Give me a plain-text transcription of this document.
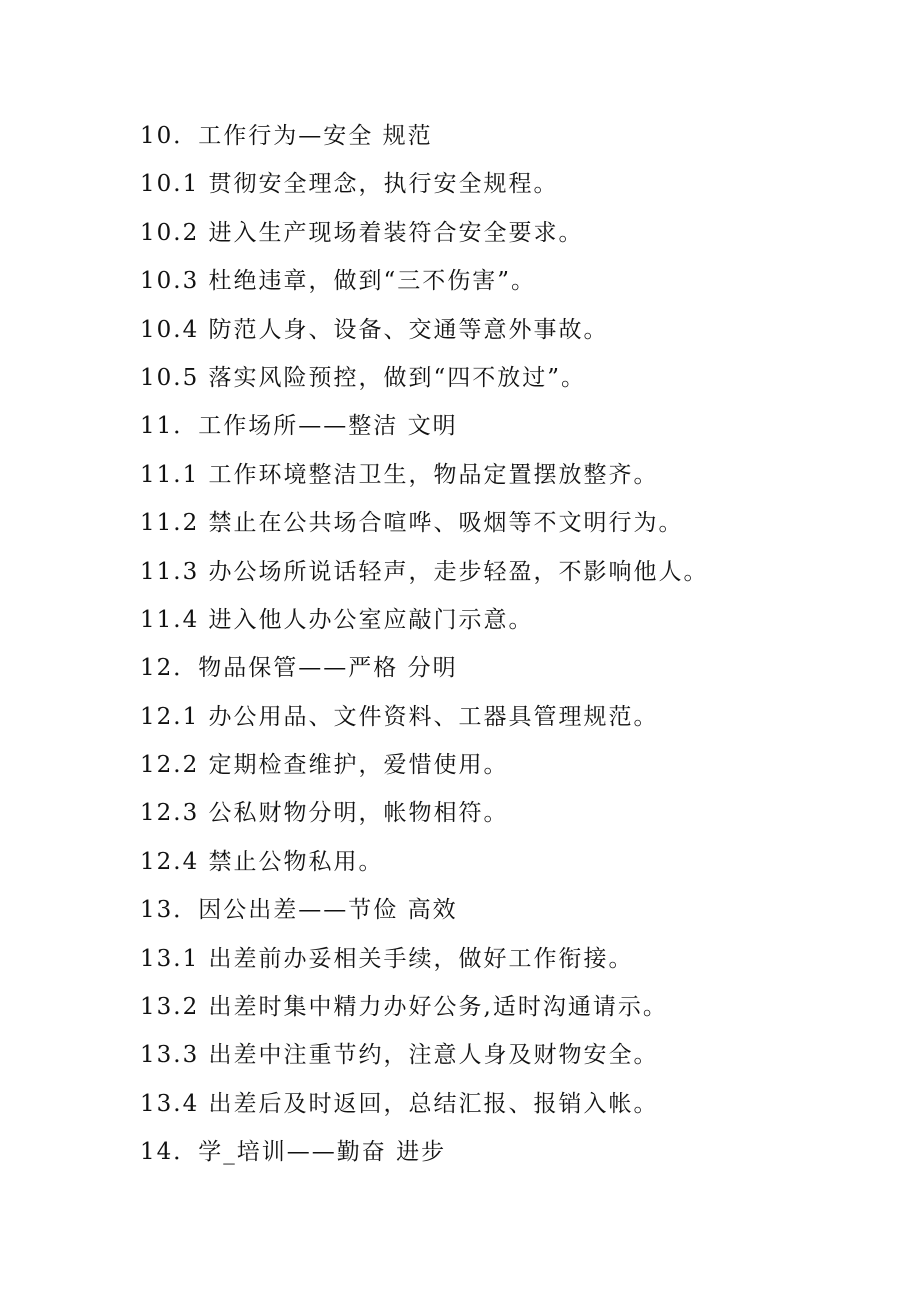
10．工作行为—安全 规范
10.1 贯彻安全理念，执行安全规程。
10.2 进入生产现场着装符合安全要求。
10.3 杜绝违章，做到“三不伤害”。
10.4 防范人身、设备、交通等意外事故。
10.5 落实风险预控，做到“四不放过”。
11．工作场所——整洁 文明
11.1 工作环境整洁卫生，物品定置摆放整齐。
11.2 禁止在公共场合喧哗、吸烟等不文明行为。
11.3 办公场所说话轻声，走步轻盈，不影响他人。
11.4 进入他人办公室应敲门示意。
12．物品保管——严格 分明
12.1 办公用品、文件资料、工器具管理规范。
12.2 定期检查维护，爱惜使用。
12.3 公私财物分明，帐物相符。
12.4 禁止公物私用。
13．因公出差——节俭 高效
13.1 出差前办妥相关手续，做好工作衔接。
13.2 出差时集中精力办好公务,适时沟通请示。
13.3 出差中注重节约，注意人身及财物安全。
13.4 出差后及时返回，总结汇报、报销入帐。
14．学_培训——勤奋 进步
